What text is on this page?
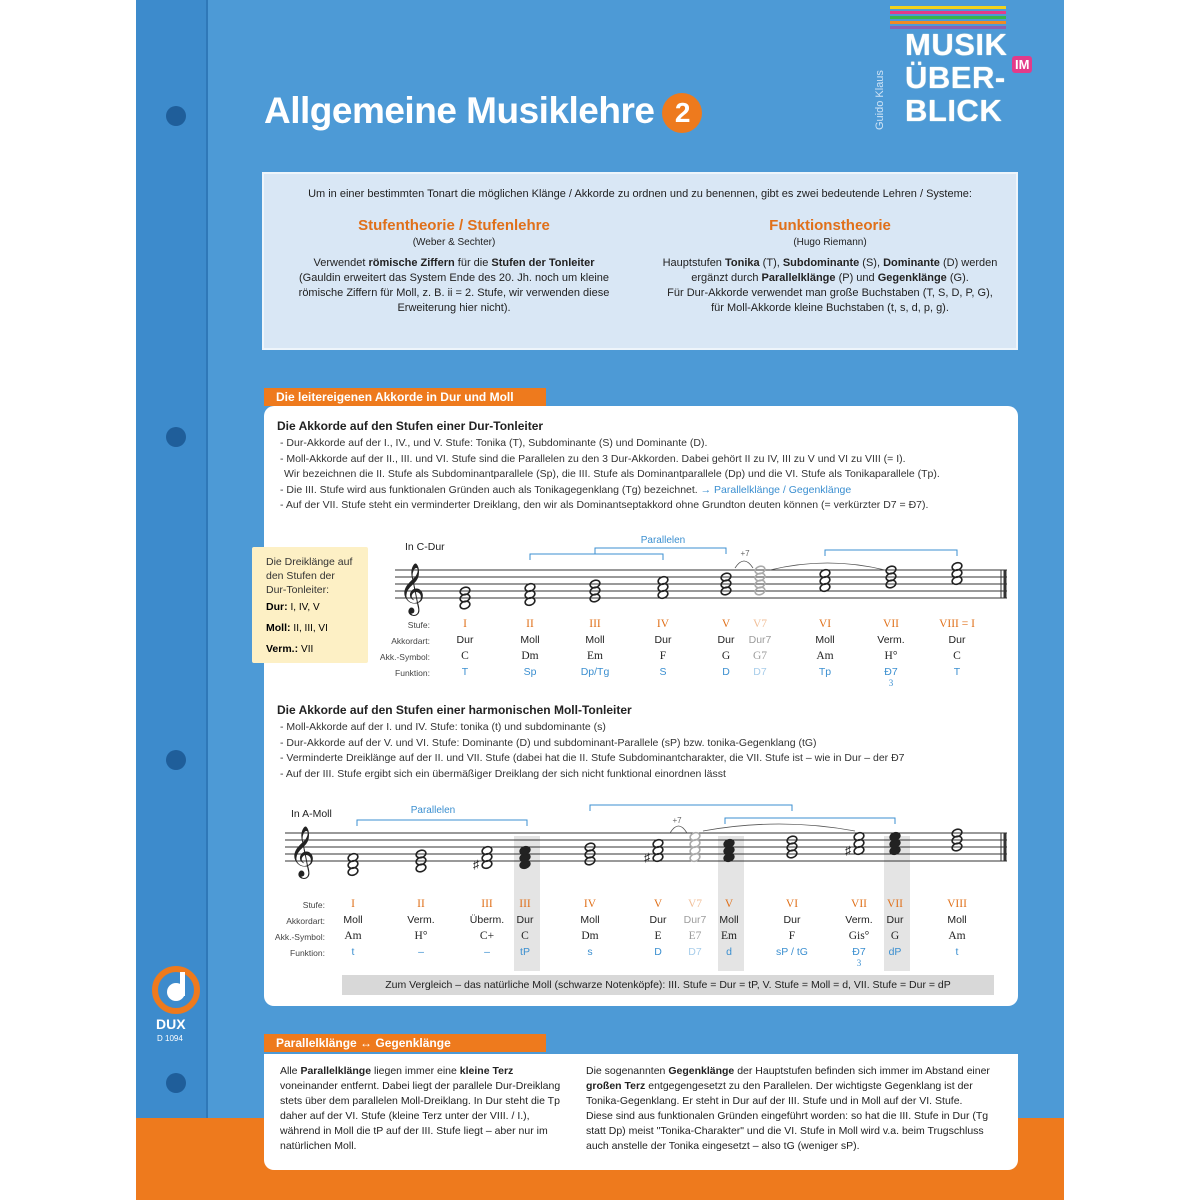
Allgemeine Musiklehre 2
MUSIK
ÜBER-
BLICK
IM
Guido Klaus
DUX
D 1094
Um in einer bestimmten Tonart die möglichen Klänge / Akkorde zu ordnen und zu benennen, gibt es zwei bedeutende Lehren / Systeme:
Stufentheorie / Stufenlehre
(Weber & Sechter)
Verwendet römische Ziffern für die Stufen der Tonleiter
(Gauldin erweitert das System Ende des 20. Jh. noch um kleine römische Ziffern für Moll, z. B. ii = 2. Stufe, wir verwenden diese Erweiterung hier nicht).
Funktionstheorie
(Hugo Riemann)
Hauptstufen Tonika (T), Subdominante (S), Dominante (D) werden ergänzt durch Parallelklänge (P) und Gegenklänge (G).
Für Dur-Akkorde verwendet man große Buchstaben (T, S, D, P, G), für Moll-Akkorde kleine Buchstaben (t, s, d, p, g).
Die leitereigenen Akkorde in Dur und Moll
Die Akkorde auf den Stufen einer Dur-Tonleiter
- Dur-Akkorde auf der I., IV., und V. Stufe: Tonika (T), Subdominante (S) und Dominante (D).
- Moll-Akkorde auf der II., III. und VI. Stufe sind die Parallelen zu den 3 Dur-Akkorden. Dabei gehört II zu IV, III zu V und VI zu VIII (= I).
Wir bezeichnen die II. Stufe als Subdominantparallele (Sp), die III. Stufe als Dominantparallele (Dp) und die VI. Stufe als Tonikaparallele (Tp).
- Die III. Stufe wird aus funktionalen Gründen auch als Tonikagegenklang (Tg) bezeichnet. → Parallelklänge / Gegenklänge
- Auf der VII. Stufe steht ein verminderter Dreiklang, den wir als Dominantseptakkord ohne Grundton deuten können (= verkürzter D7 = Ɖ7).
Die Dreiklänge auf den Stufen der Dur-Tonleiter:
Dur: I, IV, V
Moll: II, III, VI
Verm.: VII
In C-Dur
𝄞
Parallelen
+7
Stufe:
Akkordart:
Akk.-Symbol:
Funktion:
I
Dur
C
T
II
Moll
Dm
Sp
III
Moll
Em
Dp/Tg
IV
Dur
F
S
V
Dur
G
D
V7
Dur7
G7
D7
VI
Moll
Am
Tp
VII
Verm.
H°
Ɖ7
3
VIII = I
Dur
C
T
Die Akkorde auf den Stufen einer harmonischen Moll-Tonleiter
- Moll-Akkorde auf der I. und IV. Stufe: tonika (t) und subdominante (s)
- Dur-Akkorde auf der V. und VI. Stufe: Dominante (D) und subdominant-Parallele (sP) bzw. tonika-Gegenklang (tG)
- Verminderte Dreiklänge auf der II. und VII. Stufe (dabei hat die II. Stufe Subdominantcharakter, die VII. Stufe ist – wie in Dur – der Ɖ7
- Auf der III. Stufe ergibt sich ein übermäßiger Dreiklang der sich nicht funktional einordnen lässt
In A-Moll
𝄞
Parallelen
+7
♯	♯	♯
Stufe:
Akkordart:
Akk.-Symbol:
Funktion:
I
Moll
Am
t
II
Verm.
H°
–
III
Überm.
C+
–
III
Dur
C
tP
IV
Moll
Dm
s
V
Dur
E
D
V7
Dur7
E7
D7
V
Moll
Em
d
VI
Dur
F
sP / tG
VII
Verm.
Gis°
Ɖ7
3
VII
Dur
G
dP
VIII
Moll
Am
t
Zum Vergleich – das natürliche Moll (schwarze Notenköpfe): III. Stufe = Dur = tP, V. Stufe = Moll = d, VII. Stufe = Dur = dP
Parallelklänge ↔ Gegenklänge
Alle Parallelklänge liegen immer eine kleine Terz voneinander entfernt. Dabei liegt der parallele Dur-Dreiklang stets über dem parallelen Moll-Dreiklang. In Dur steht die Tp daher auf der VI. Stufe (kleine Terz unter der VIII. / I.), während in Moll die tP auf der III. Stufe liegt – aber nur im natürlichen Moll.
Die sogenannten Gegenklänge der Hauptstufen befinden sich immer im Abstand einer großen Terz entgegengesetzt zu den Parallelen. Der wichtigste Gegenklang ist der Tonika-Gegenklang. Er steht in Dur auf der III. Stufe und in Moll auf der VI. Stufe. Diese sind aus funktionalen Gründen eingeführt worden: so hat die III. Stufe in Dur (Tg statt Dp) meist "Tonika-Charakter" und die VI. Stufe in Moll wird v.a. beim Trugschluss auch anstelle der Tonika eingesetzt – also tG (weniger sP).
